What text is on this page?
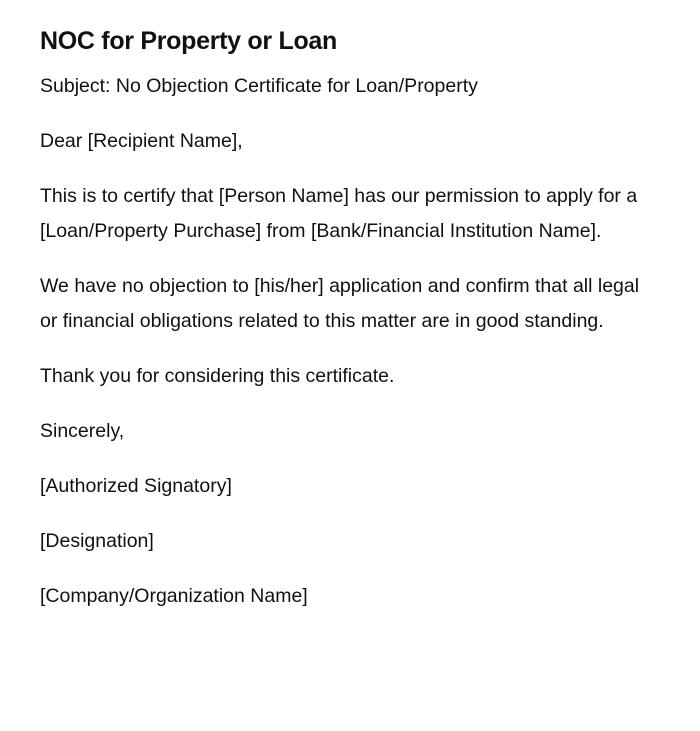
NOC for Property or Loan

Subject: No Objection Certificate for Loan/Property

Dear [Recipient Name],

This is to certify that [Person Name] has our permission to apply for a [Loan/Property Purchase] from [Bank/Financial Institution Name].

We have no objection to [his/her] application and confirm that all legal or financial obligations related to this matter are in good standing.

Thank you for considering this certificate.

Sincerely,

[Authorized Signatory]

[Designation]

[Company/Organization Name]
